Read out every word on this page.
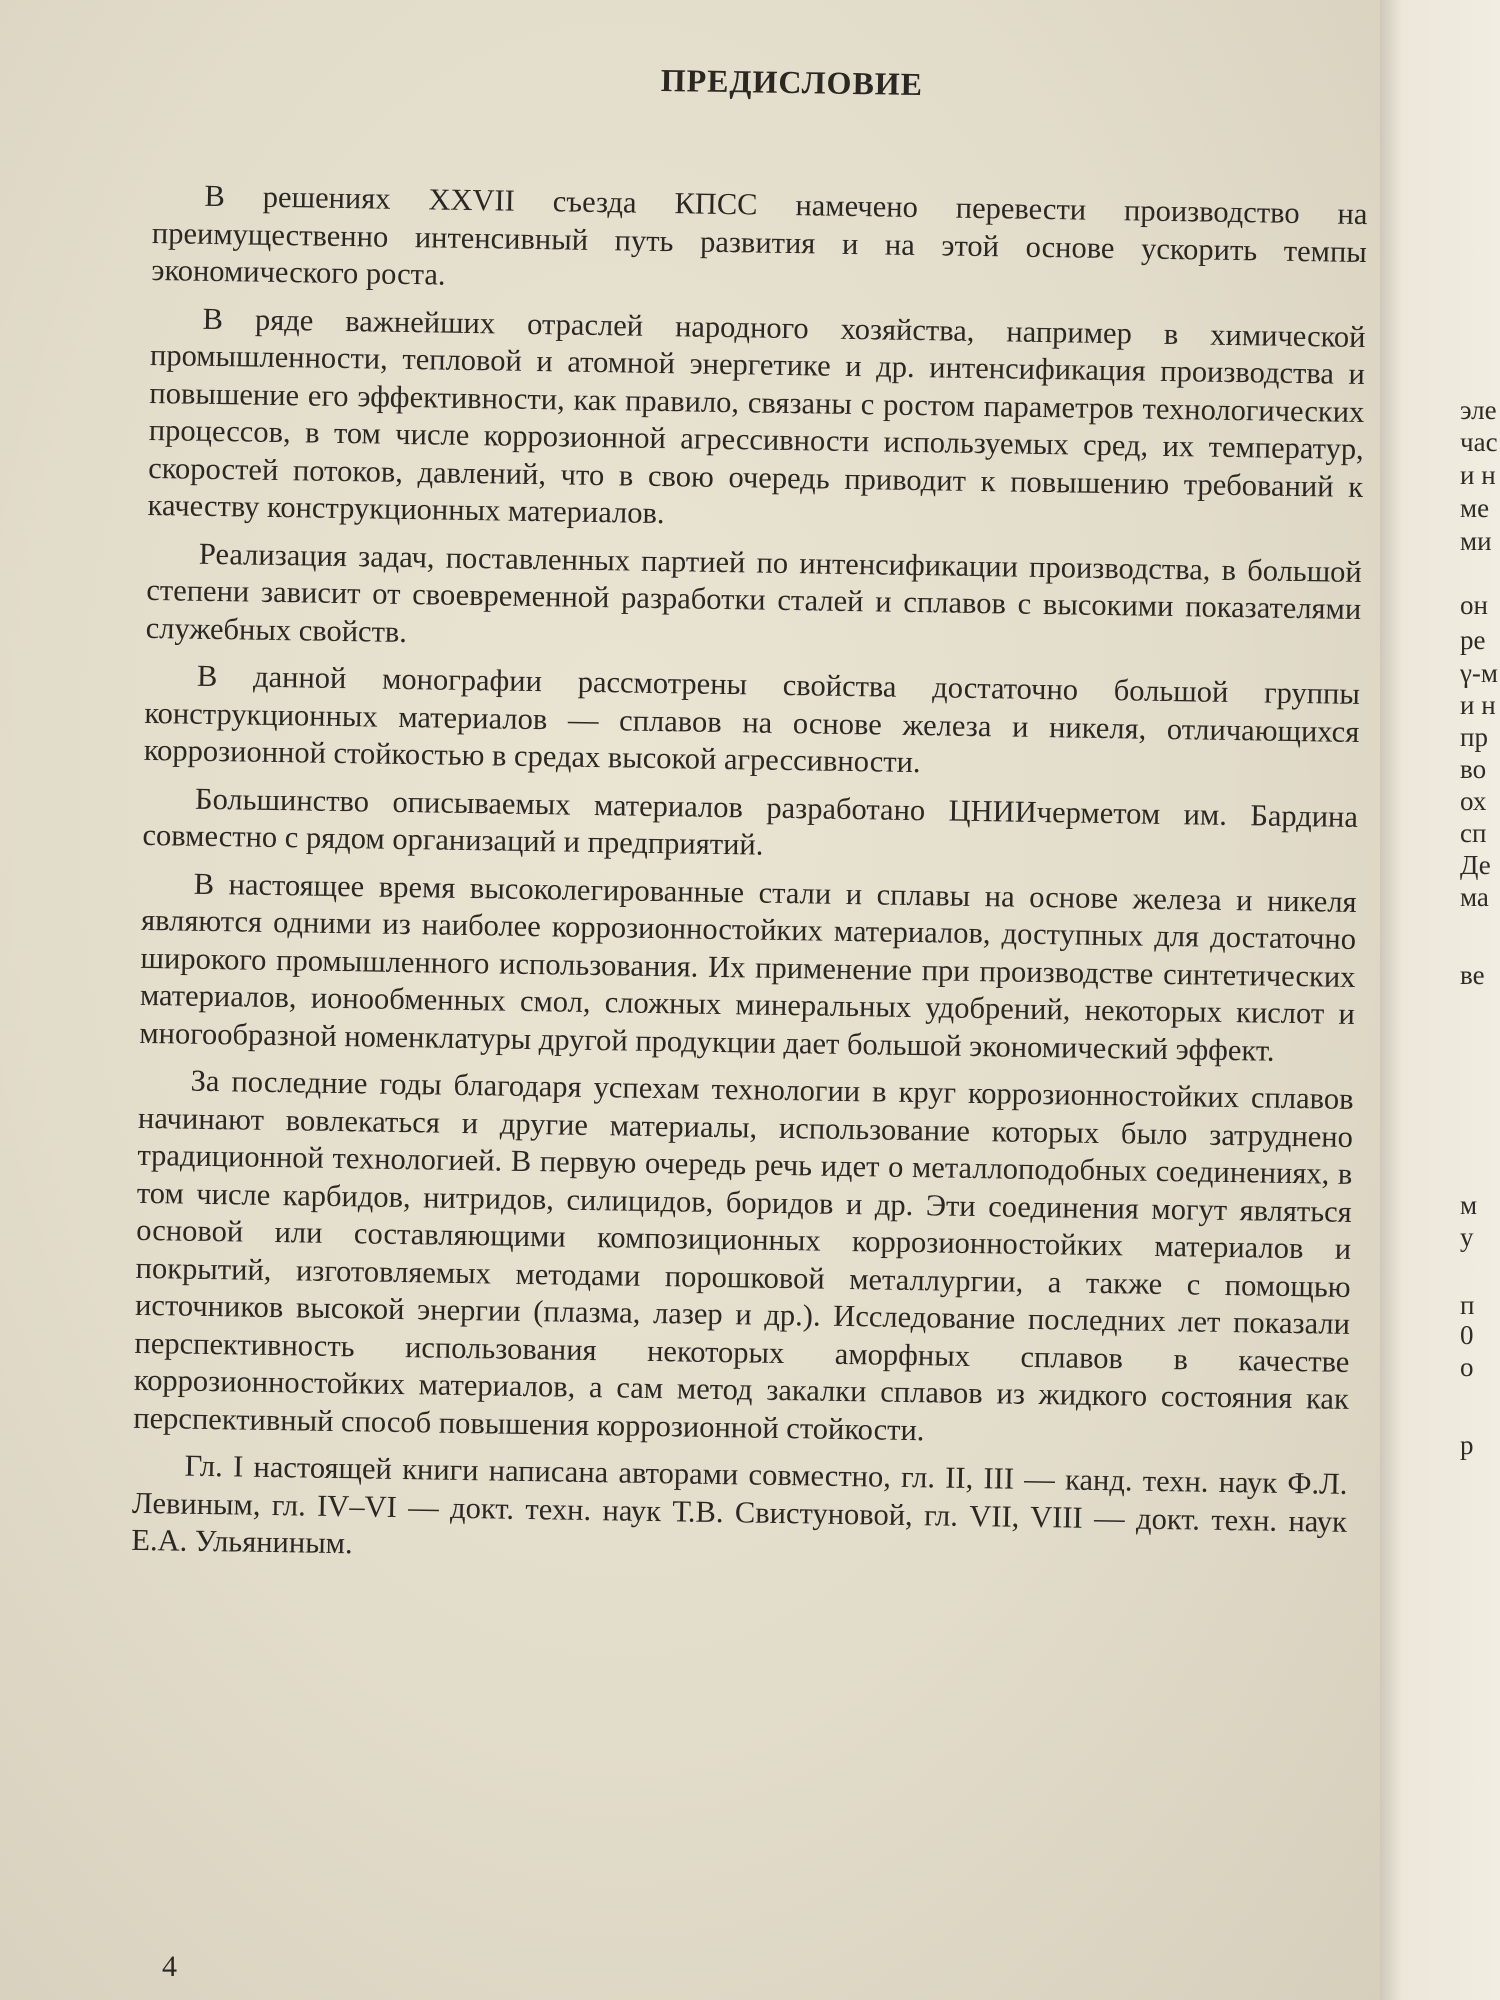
эле
час
и н
ме
ми
он
ре
γ-м
и н
пр
во
ох
сп
Де
ма
ве
м
у
п
0
о
р
ПРЕДИСЛОВИЕ

В решениях XXVII съезда КПСС намечено перевести производство на преимущественно интенсивный путь развития и на этой основе ускорить темпы экономического роста.

В ряде важнейших отраслей народного хозяйства, например в химической промышленности, тепловой и атомной энергетике и др. интенсификация производства и повышение его эффективности, как правило, связаны с ростом параметров технологических процессов, в том числе коррозионной агрессивности используемых сред, их температур, скоростей потоков, давлений, что в свою очередь приводит к повышению требований к качеству конструкционных материалов.

Реализация задач, поставленных партией по интенсификации производства, в большой степени зависит от своевременной разработки сталей и сплавов с высокими показателями служебных свойств.

В данной монографии рассмотрены свойства достаточно большой группы конструкционных материалов — сплавов на основе железа и никеля, отличающихся коррозионной стойкостью в средах высокой агрессивности.

Большинство описываемых материалов разработано ЦНИИчерметом им. Бардина совместно с рядом организаций и предприятий.

В настоящее время высоколегированные стали и сплавы на основе железа и никеля являются одними из наиболее коррозионностойких материалов, доступных для достаточно широкого промышленного использования. Их применение при производстве синтетических материалов, ионообменных смол, сложных минеральных удобрений, некоторых кислот и многообразной номенклатуры другой продукции дает большой экономический эффект.

За последние годы благодаря успехам технологии в круг коррозионностойких сплавов начинают вовлекаться и другие материалы, использование которых было затруднено традиционной технологией. В первую очередь речь идет о металлоподобных соединениях, в том числе карбидов, нитридов, силицидов, боридов и др. Эти соединения могут являться основой или составляющими композиционных коррозионностойких материалов и покрытий, изготовляемых методами порошковой металлургии, а также с помощью источников высокой энергии (плазма, лазер и др.). Исследование последних лет показали перспективность использования некоторых аморфных сплавов в качестве коррозионностойких материалов, а сам метод закалки сплавов из жидкого состояния как перспективный способ повышения коррозионной стойкости.

Гл. I настоящей книги написана авторами совместно, гл. II, III — канд. техн. наук Ф.Л. Левиным, гл. IV–VI — докт. техн. наук Т.В. Свистуновой, гл. VII, VIII — докт. техн. наук Е.А. Ульяниным.

4
